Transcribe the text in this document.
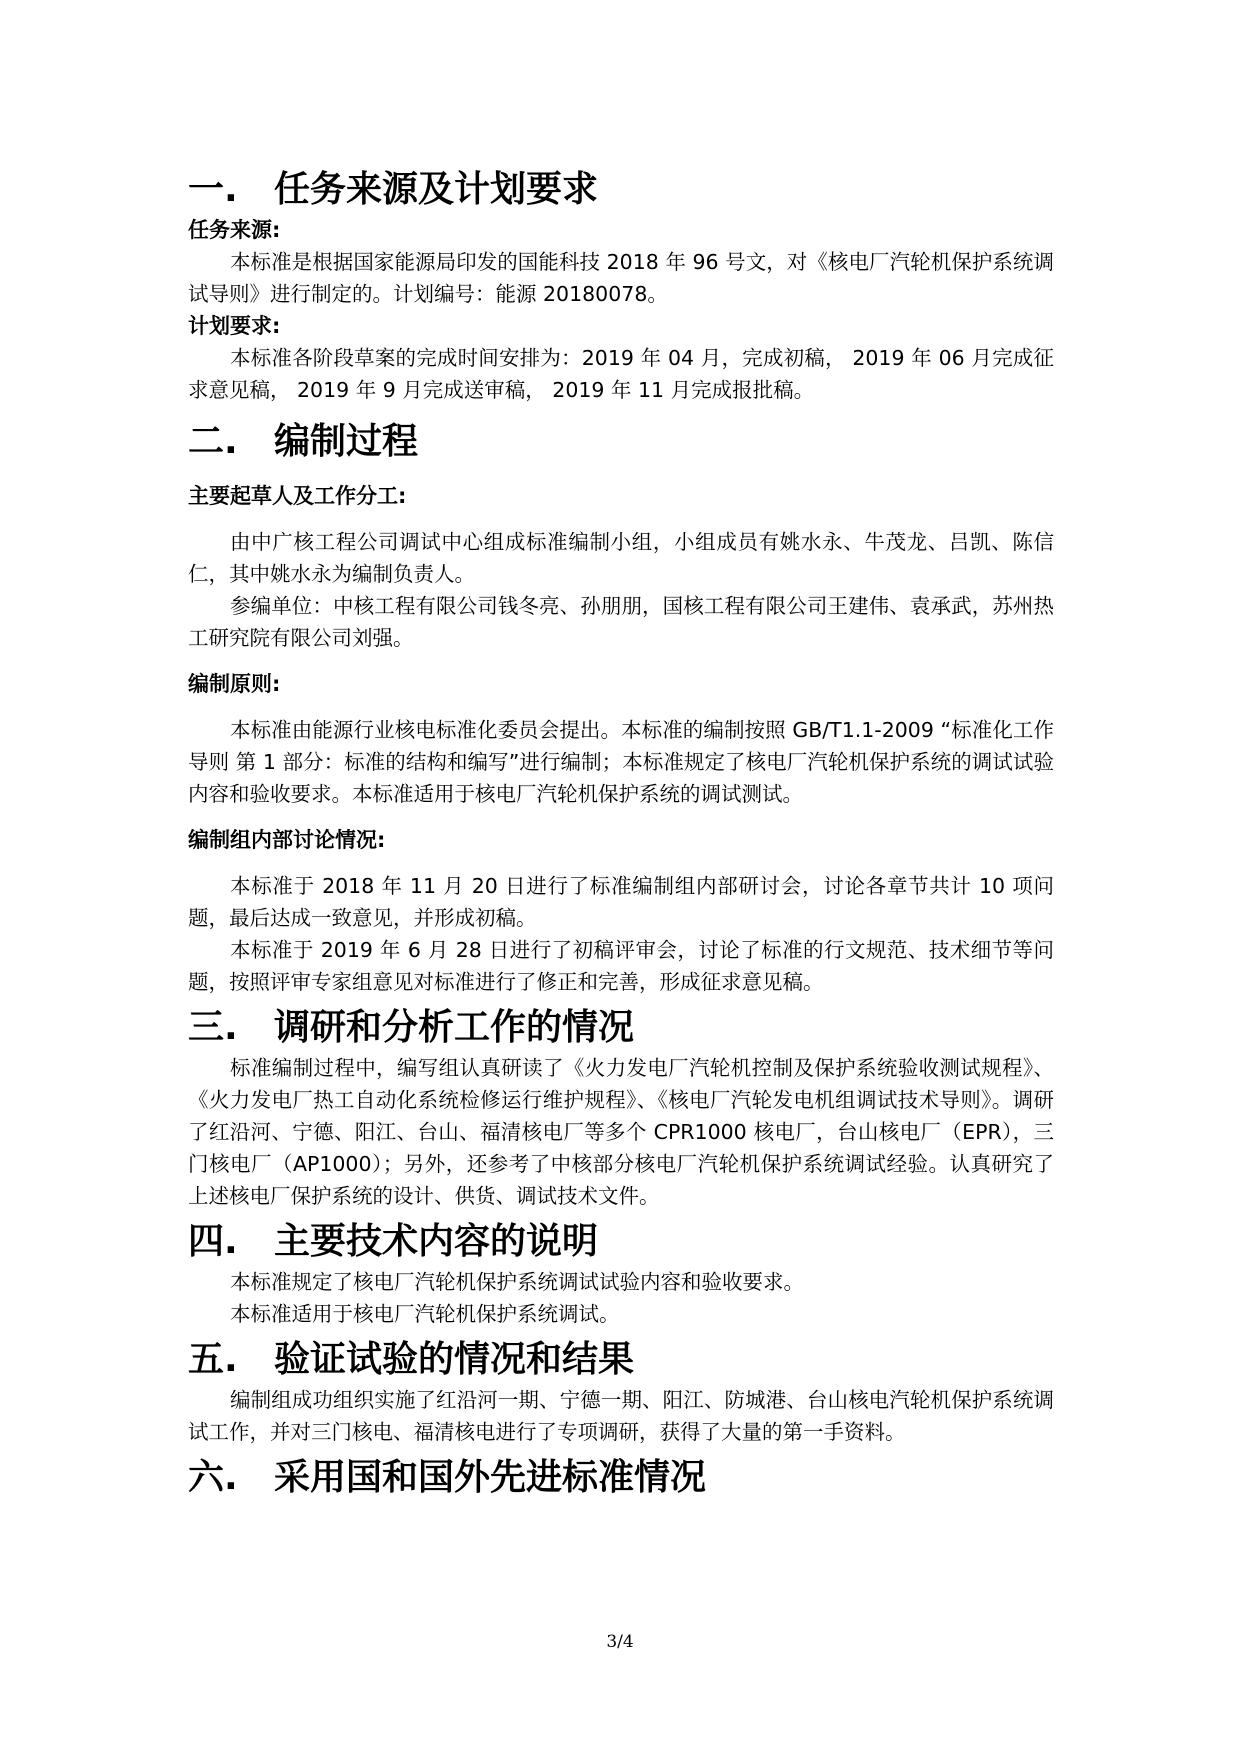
一.	任务来源及计划要求
任务来源:

本标准是根据国家能源局印发的国能科技 2018 年 96 号文，对《核电厂汽轮机保护系统调试导则》进行制定的。计划编号：能源 20180078。

计划要求:

本标准各阶段草案的完成时间安排为：2019 年 04 月，完成初稿， 2019 年 06 月完成征求意见稿， 2019 年 9 月完成送审稿， 2019 年 11 月完成报批稿。

二.	编制过程
主要起草人及工作分工:

由中广核工程公司调试中心组成标准编制小组，小组成员有姚水永、牛茂龙、吕凯、陈信仁，其中姚水永为编制负责人。

参编单位：中核工程有限公司钱冬亮、孙朋朋，国核工程有限公司王建伟、袁承武，苏州热工研究院有限公司刘强。

编制原则:

本标准由能源行业核电标准化委员会提出。本标准的编制按照 GB/T1.1-2009 “标准化工作导则 第 1 部分：标准的结构和编写”进行编制；本标准规定了核电厂汽轮机保护系统的调试试验内容和验收要求。本标准适用于核电厂汽轮机保护系统的调试测试。

编制组内部讨论情况:

本标准于 2018 年 11 月 20 日进行了标准编制组内部研讨会，讨论各章节共计 10 项问题，最后达成一致意见，并形成初稿。

本标准于 2019 年 6 月 28 日进行了初稿评审会，讨论了标准的行文规范、技术细节等问题，按照评审专家组意见对标准进行了修正和完善，形成征求意见稿。

三.	调研和分析工作的情况

标准编制过程中，编写组认真研读了《火力发电厂汽轮机控制及保护系统验收测试规程》、《火力发电厂热工自动化系统检修运行维护规程》、《核电厂汽轮发电机组调试技术导则》。调研了红沿河、宁德、阳江、台山、福清核电厂等多个 CPR1000 核电厂，台山核电厂（EPR），三门核电厂（AP1000）；另外，还参考了中核部分核电厂汽轮机保护系统调试经验。认真研究了上述核电厂保护系统的设计、供货、调试技术文件。

四.	主要技术内容的说明

本标准规定了核电厂汽轮机保护系统调试试验内容和验收要求。

本标准适用于核电厂汽轮机保护系统调试。

五.	验证试验的情况和结果

编制组成功组织实施了红沿河一期、宁德一期、阳江、防城港、台山核电汽轮机保护系统调试工作，并对三门核电、福清核电进行了专项调研，获得了大量的第一手资料。

六.	采用国和国外先进标准情况
3/4
